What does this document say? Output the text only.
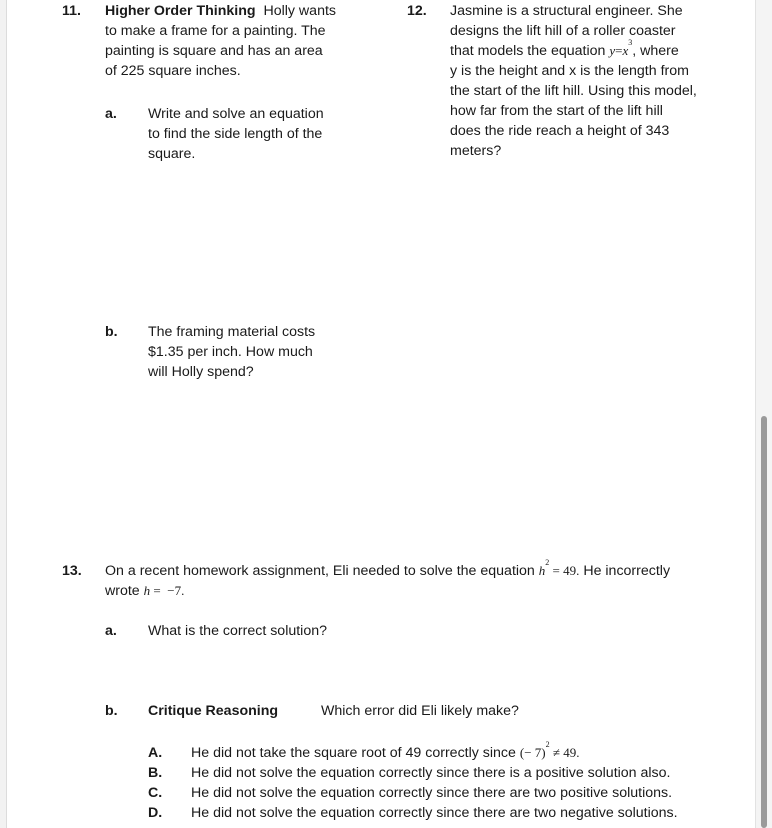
11. Higher Order Thinking Holly wants
to make a frame for a painting. The
painting is square and has an area
of 225 square inches.
a. Write and solve an equation
to find the side length of the
square.
b. The framing material costs
$1.35 per inch. How much
will Holly spend?
12. Jasmine is a structural engineer. She
designs the lift hill of a roller coaster
that models the equation $y=x^3$, where
y is the height and x is the length from
the start of the lift hill. Using this model,
how far from the start of the lift hill
does the ride reach a height of 343
meters?
13. On a recent homework assignment, Eli needed to solve the equation $h^2 = 49$. He incorrectly
wrote h =  −7.
a. What is the correct solution?
b. Critique Reasoning	Which error did Eli likely make?
A. He did not take the square root of 49 correctly since (− 7)$^2$ ≠ 49.
B. He did not solve the equation correctly since there is a positive solution also.
C. He did not solve the equation correctly since there are two positive solutions.
D. He did not solve the equation correctly since there are two negative solutions.
